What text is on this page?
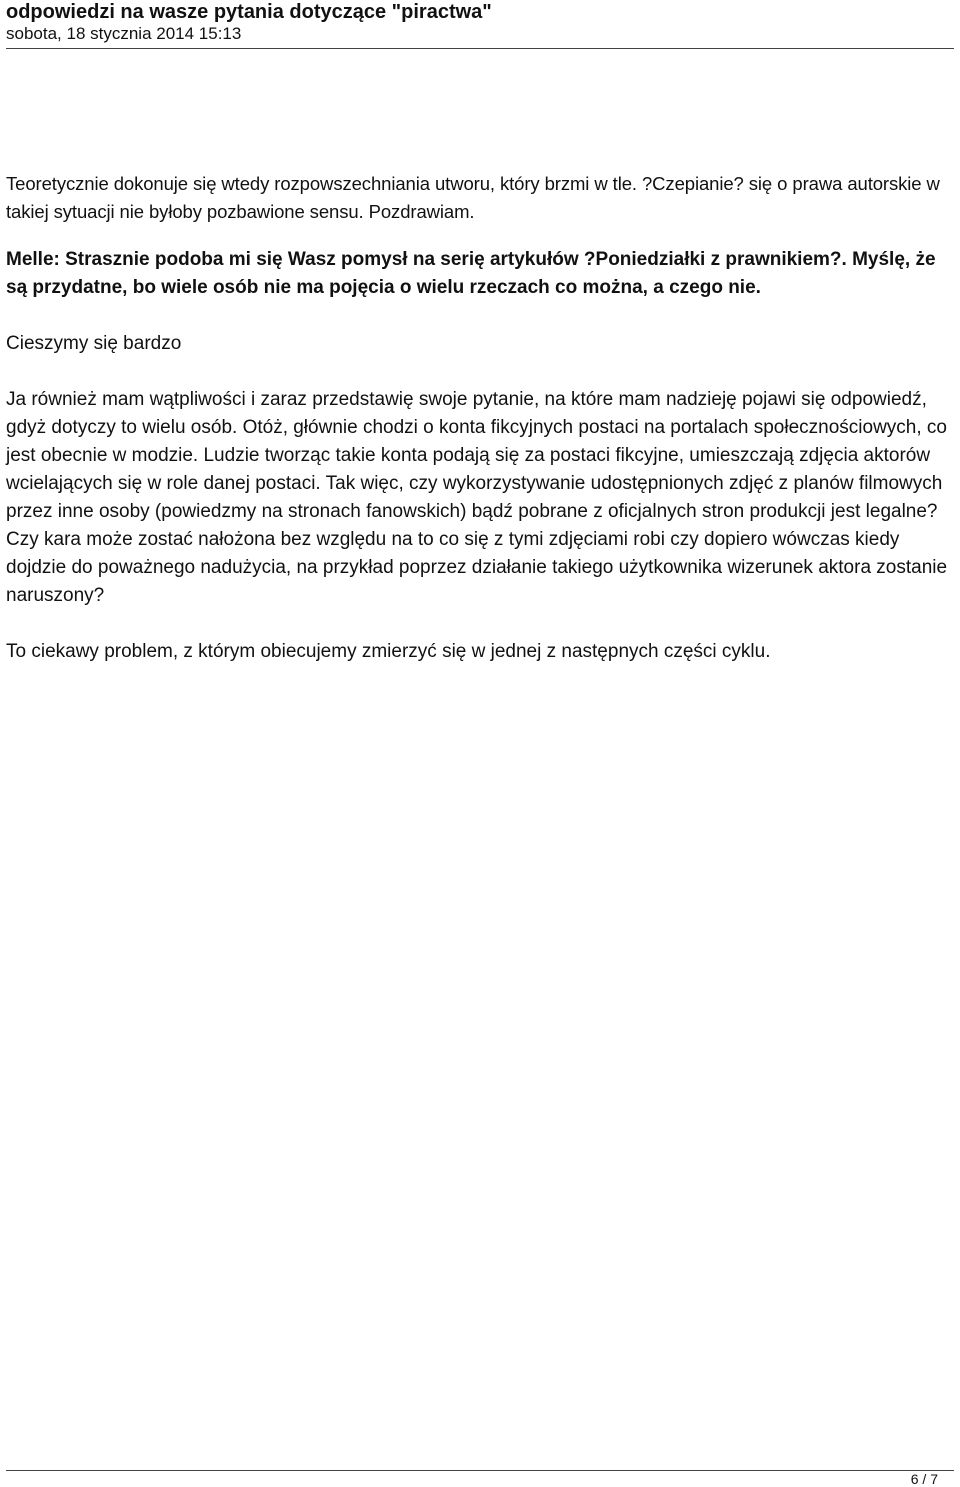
odpowiedzi na wasze pytania dotyczące "piractwa"
sobota, 18 stycznia 2014 15:13

Teoretycznie dokonuje się wtedy rozpowszechniania utworu, który brzmi w tle. ?Czepianie? się o prawa autorskie w takiej sytuacji nie byłoby pozbawione sensu. Pozdrawiam.

Melle: Strasznie podoba mi się Wasz pomysł na serię artykułów ?Poniedziałki z prawnikiem?. Myślę, że są przydatne, bo wiele osób nie ma pojęcia o wielu rzeczach co można, a czego nie.

Cieszymy się bardzo

Ja również mam wątpliwości i zaraz przedstawię swoje pytanie, na które mam nadzieję pojawi się odpowiedź, gdyż dotyczy to wielu osób. Otóż, głównie chodzi o konta fikcyjnych postaci na portalach społecznościowych, co jest obecnie w modzie. Ludzie tworząc takie konta podają się za postaci fikcyjne, umieszczają zdjęcia aktorów wcielających się w role danej postaci. Tak więc, czy wykorzystywanie udostępnionych zdjęć z planów filmowych przez inne osoby (powiedzmy na stronach fanowskich) bądź pobrane z oficjalnych stron produkcji jest legalne? Czy kara może zostać nałożona bez względu na to co się z tymi zdjęciami robi czy dopiero wówczas kiedy dojdzie do poważnego nadużycia, na przykład poprzez działanie takiego użytkownika wizerunek aktora zostanie naruszony?

To ciekawy problem, z którym obiecujemy zmierzyć się w jednej z następnych części cyklu.

6 / 7
